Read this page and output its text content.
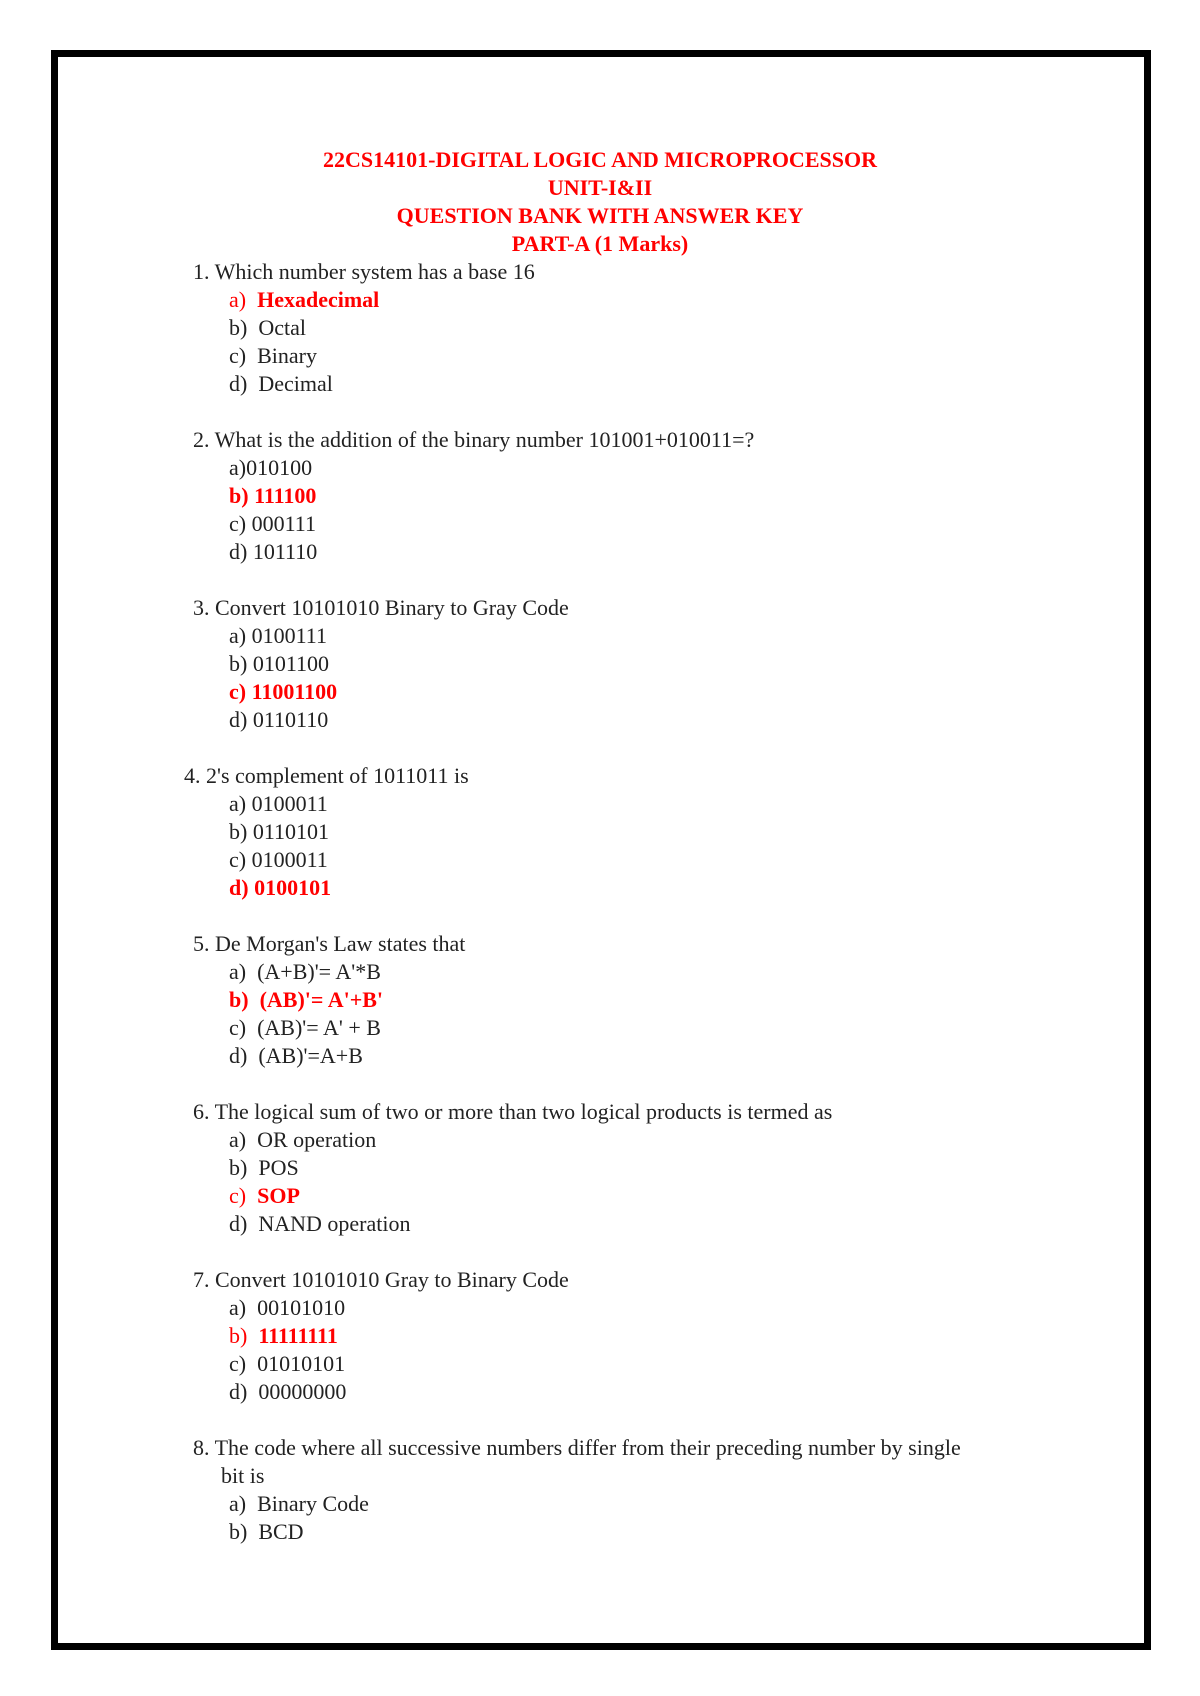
22CS14101-DIGITAL LOGIC AND MICROPROCESSOR
UNIT-I&II
QUESTION BANK WITH ANSWER KEY
PART-A (1 Marks)
1. Which number system has a base 16
a) Hexadecimal
b) Octal
c) Binary
d) Decimal
2. What is the addition of the binary number 101001+010011=?
a)010100
b) 111100
c) 000111
d) 101110
3. Convert 10101010 Binary to Gray Code
a) 0100111
b) 0101100
c) 11001100
d) 0110110
4. 2's complement of 1011011 is
a) 0100011
b) 0110101
c) 0100011
d) 0100101
5. De Morgan's Law states that
a) (A+B)'= A'*B
b) (AB)'= A'+B'
c) (AB)'= A' + B
d) (AB)'=A+B
6. The logical sum of two or more than two logical products is termed as
a) OR operation
b) POS
c) SOP
d) NAND operation
7. Convert 10101010 Gray to Binary Code
a) 00101010
b) 11111111
c) 01010101
d) 00000000
8. The code where all successive numbers differ from their preceding number by single
bit is
a) Binary Code
b) BCD
